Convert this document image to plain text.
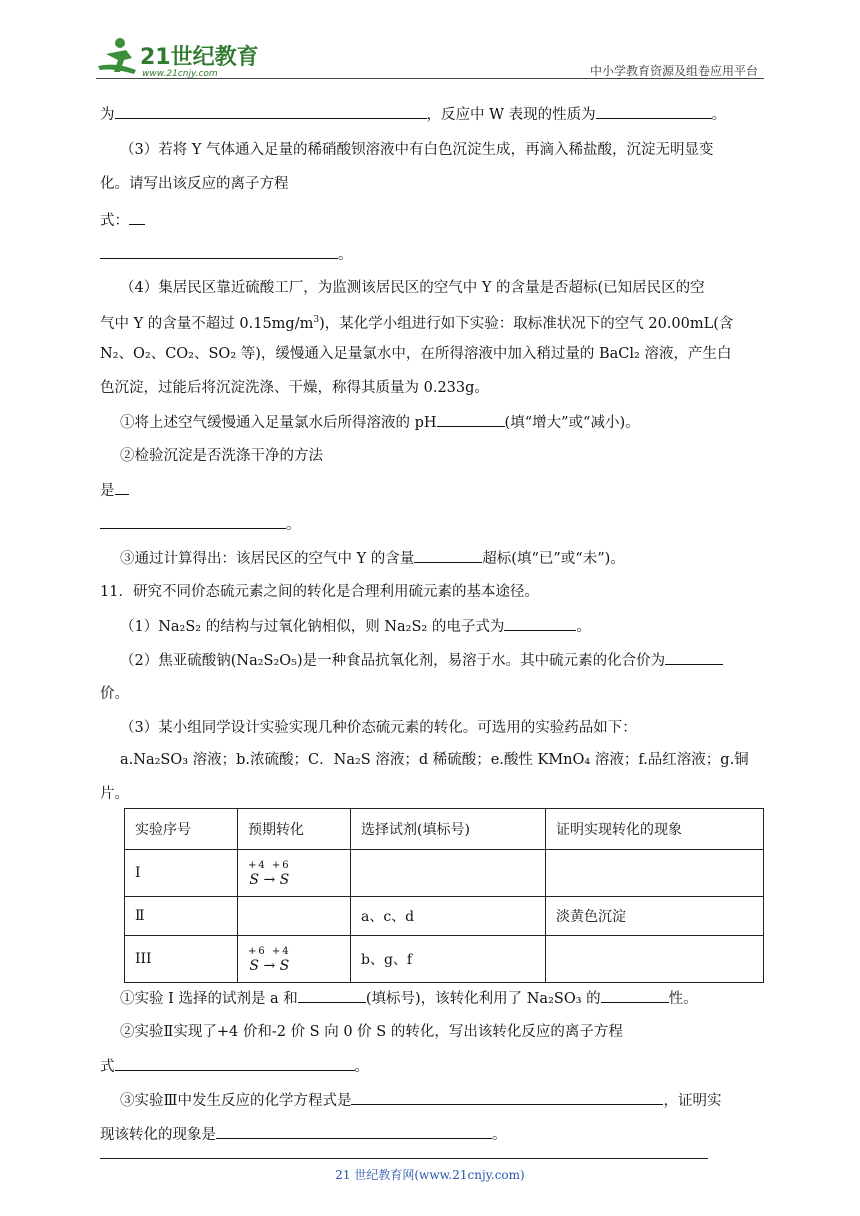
21世纪教育
www.21cnjy.com	中小学教育资源及组卷应用平台
为	，反应中 W 表现的性质为	。
（3）若将 Y 气体通入足量的稀硝酸钡溶液中有白色沉淀生成，再滴入稀盐酸，沉淀无明显变
化。请写出该反应的离子方程
式：
。
（4）集居民区靠近硫酸工厂，为监测该居民区的空气中 Y 的含量是否超标(已知居民区的空
气中 Y 的含量不超过 $0.15mg/m^3$)，某化学小组进行如下实验：取标准状况下的空气 20.00mL(含
N₂、O₂、CO₂、SO₂ 等)，缓慢通入足量氯水中，在所得溶液中加入稍过量的 BaCl₂ 溶液，产生白
色沉淀，过能后将沉淀洗涤、干燥，称得其质量为 0.233g。
①将上述空气缓慢通入足量氯水后所得溶液的 pH	(填“增大”或“减小)。
②检验沉淀是否洗涤干净的方法
是
。
③通过计算得出：该居民区的空气中 Y 的含量	超标(填“已”或“未”)。
11．研究不同价态硫元素之间的转化是合理利用硫元素的基本途径。
（1）Na₂S₂ 的结构与过氧化钠相似，则 Na₂S₂ 的电子式为	。
（2）焦亚硫酸钠(Na₂S₂O₅)是一种食品抗氧化剂，易溶于水。其中硫元素的化合价为
价。
（3）某小组同学设计实验实现几种价态硫元素的转化。可选用的实验药品如下：
a.Na₂SO₃ 溶液；b.浓硫酸；C．Na₂S 溶液；d 稀硫酸；e.酸性 KMnO₄ 溶液；f.品红溶液；g.铜
片。
实验序号	预期转化	选择试剂(填标号)	证明实现转化的现象
I	+4 +6
S → S		
Ⅱ		a、c、d	淡黄色沉淀
III	+6 +4
S → S	b、g、f	
①实验 I 选择的试剂是 a 和	(填标号)，该转化利用了 Na₂SO₃ 的	性。
②实验Ⅱ实现了+4 价和-2 价 S 向 0 价 S 的转化，写出该转化反应的离子方程
式	。
③实验Ⅲ中发生反应的化学方程式是	，证明实
现该转化的现象是	。
21 世纪教育网(www.21cnjy.com)
